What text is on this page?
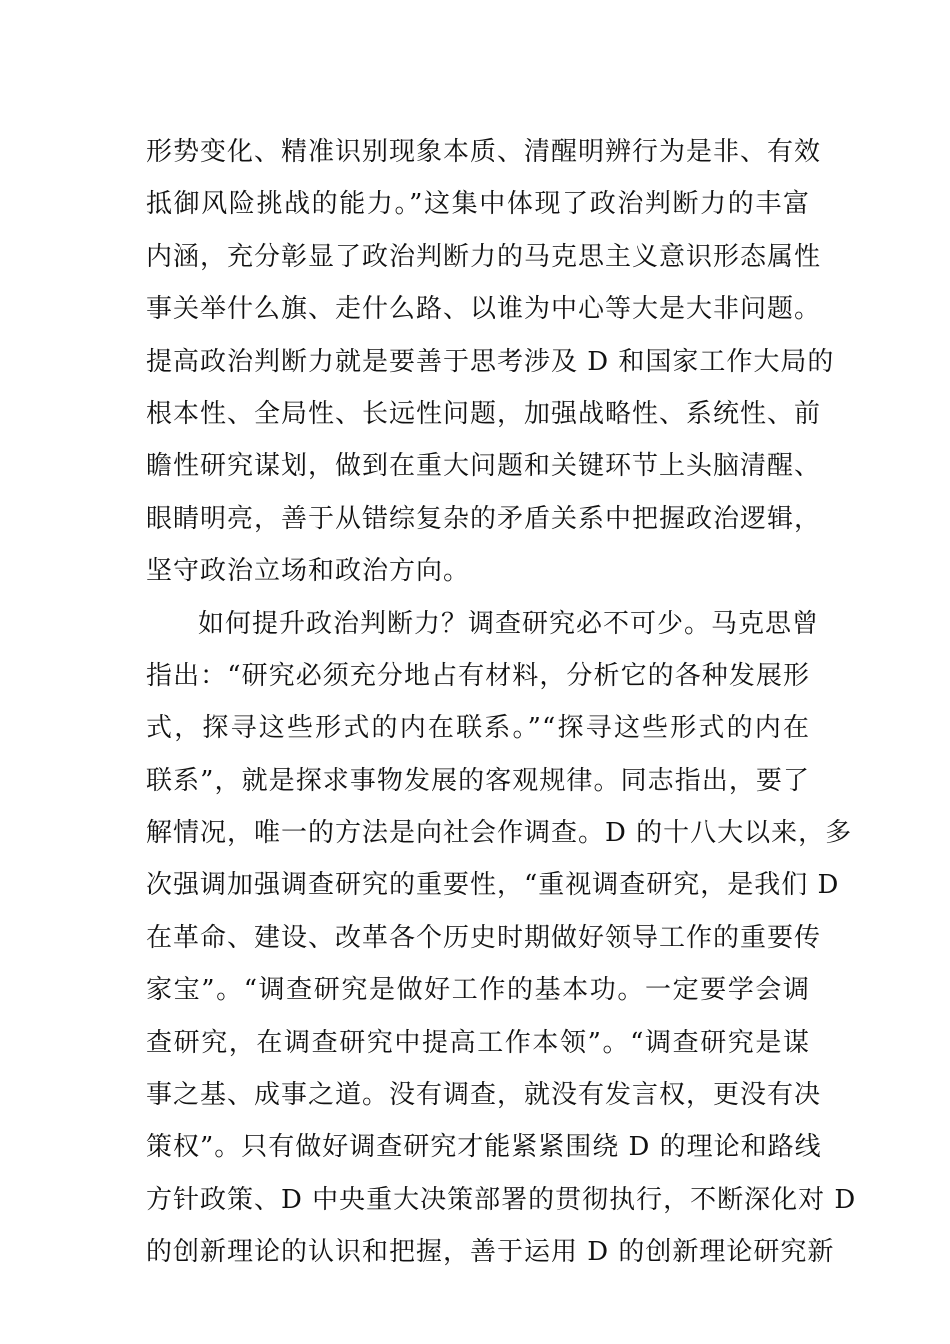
形势变化、精准识别现象本质、清醒明辨行为是非、有效
抵御风险挑战的能力。”这集中体现了政治判断力的丰富
内涵，充分彰显了政治判断力的马克思主义意识形态属性
事关举什么旗、走什么路、以谁为中心等大是大非问题。
提高政治判断力就是要善于思考涉及 D 和国家工作大局的
根本性、全局性、长远性问题，加强战略性、系统性、前
瞻性研究谋划，做到在重大问题和关键环节上头脑清醒、
眼睛明亮，善于从错综复杂的矛盾关系中把握政治逻辑，
坚守政治立场和政治方向。
如何提升政治判断力？调查研究必不可少。马克思曾
指出：“研究必须充分地占有材料，分析它的各种发展形
式，探寻这些形式的内在联系。”“探寻这些形式的内在
联系”，就是探求事物发展的客观规律。同志指出，要了
解情况，唯一的方法是向社会作调查。D 的十八大以来，多
次强调加强调查研究的重要性，“重视调查研究，是我们 D
在革命、建设、改革各个历史时期做好领导工作的重要传
家宝”。“调查研究是做好工作的基本功。一定要学会调
查研究，在调查研究中提高工作本领”。“调查研究是谋
事之基、成事之道。没有调查，就没有发言权，更没有决
策权”。只有做好调查研究才能紧紧围绕 D 的理论和路线
方针政策、D 中央重大决策部署的贯彻执行，不断深化对 D
的创新理论的认识和把握，善于运用 D 的创新理论研究新
